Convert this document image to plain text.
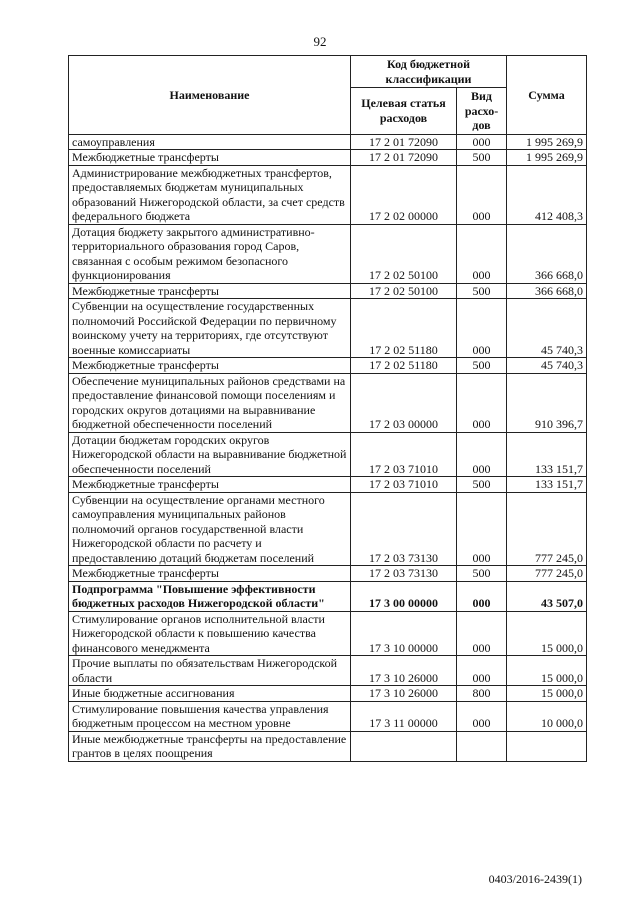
92
Наименование	Код бюджетной классификации		Сумма
	Целевая статья расходов	Вид расхо-дов	
самоуправления	17 2 01 72090	000	1 995 269,9
Межбюджетные трансферты	17 2 01 72090	500	1 995 269,9
Администрирование межбюджетных трансфертов, предоставляемых бюджетам муниципальных образований Нижегородской области, за счет средств федерального бюджета	17 2 02 00000	000	412 408,3
Дотация бюджету закрытого административно-территориального образования город Саров, связанная с особым режимом безопасного функционирования	17 2 02 50100	000	366 668,0
Межбюджетные трансферты	17 2 02 50100	500	366 668,0
Субвенции на осуществление государственных полномочий Российской Федерации по первичному воинскому учету на территориях, где отсутствуют военные комиссариаты	17 2 02 51180	000	45 740,3
Межбюджетные трансферты	17 2 02 51180	500	45 740,3
Обеспечение муниципальных районов средствами на предоставление финансовой помощи поселениям и городских округов дотациями на выравнивание бюджетной обеспеченности поселений	17 2 03 00000	000	910 396,7
Дотации бюджетам городских округов Нижегородской области на выравнивание бюджетной обеспеченности поселений	17 2 03 71010	000	133 151,7
Межбюджетные трансферты	17 2 03 71010	500	133 151,7
Субвенции на осуществление органами местного самоуправления муниципальных районов полномочий органов государственной власти Нижегородской области по расчету и предоставлению дотаций бюджетам поселений	17 2 03 73130	000	777 245,0
Межбюджетные трансферты	17 2 03 73130	500	777 245,0
Подпрограмма "Повышение эффективности бюджетных расходов Нижегородской области"	17 3 00 00000	000	43 507,0
Стимулирование органов исполнительной власти Нижегородской области к повышению качества финансового менеджмента	17 3 10 00000	000	15 000,0
Прочие выплаты по обязательствам Нижегородской области	17 3 10 26000	000	15 000,0
Иные бюджетные ассигнования	17 3 10 26000	800	15 000,0
Стимулирование повышения качества управления бюджетным процессом на местном уровне	17 3 11 00000	000	10 000,0
Иные межбюджетные трансферты на предоставление грантов в целях поощрения			
0403/2016-2439(1)
